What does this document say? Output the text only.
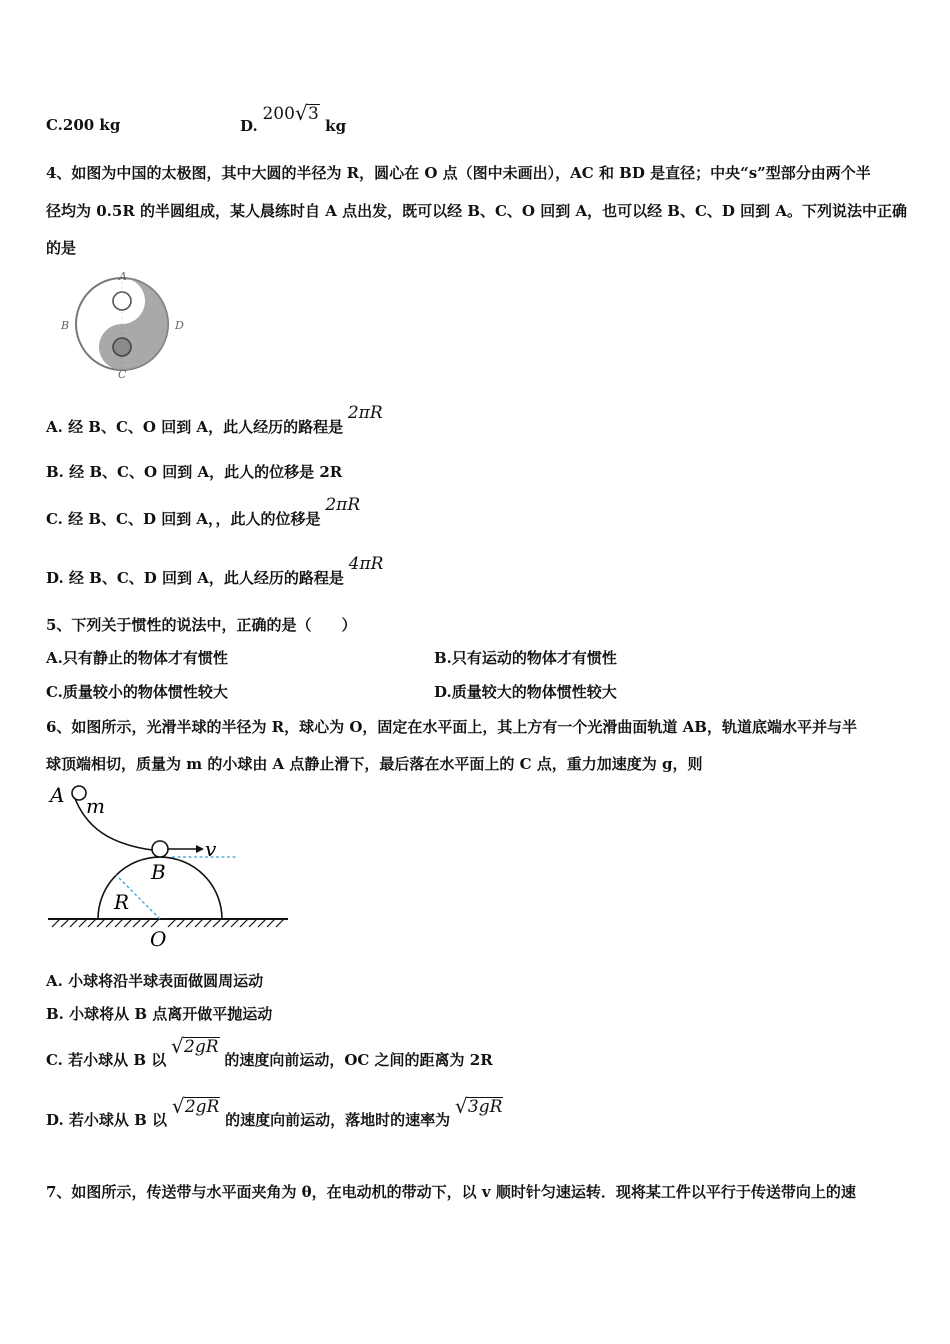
C.200 kg	D. 200 √ 3 kg
4、如图为中国的太极图，其中大圆的半径为 R，圆心在 O 点（图中未画出），AC 和 BD 是直径；中央“s”型部分由两个半
径均为 0.5R 的半圆组成，某人晨练时自 A 点出发，既可以经 B、C、O 回到 A，也可以经 B、C、D 回到 A。下列说法中正确
的是
A
B
C
D
A. 经 B、C、O 回到 A，此人经历的路程是 2πR
B. 经 B、C、O 回到 A，此人的位移是 2R
C. 经 B、C、D 回到 A，，此人的位移是 2πR
D. 经 B、C、D 回到 A，此人经历的路程是 4πR
5、下列关于惯性的说法中，正确的是（　　）
A.只有静止的物体才有惯性	B.只有运动的物体才有惯性
C.质量较小的物体惯性较大	D.质量较大的物体惯性较大
6、如图所示，光滑半球的半径为 R，球心为 O，固定在水平面上，其上方有一个光滑曲面轨道 AB，轨道底端水平并与半
球顶端相切，质量为 m 的小球由 A 点静止滑下，最后落在水平面上的 C 点，重力加速度为 g，则
A m
v
B
R
O
A. 小球将沿半球表面做圆周运动
B. 小球将从 B 点离开做平抛运动
C. 若小球从 B 以
√ 2gR 的速度向前运动，OC 之间的距离为 2R
D. 若小球从 B 以
√ 2gR 的速度向前运动，落地时的速率为
√ 3gR
7、如图所示，传送带与水平面夹角为 θ，在电动机的带动下，以 v 顺时针匀速运转．现将某工件以平行于传送带向上的速
